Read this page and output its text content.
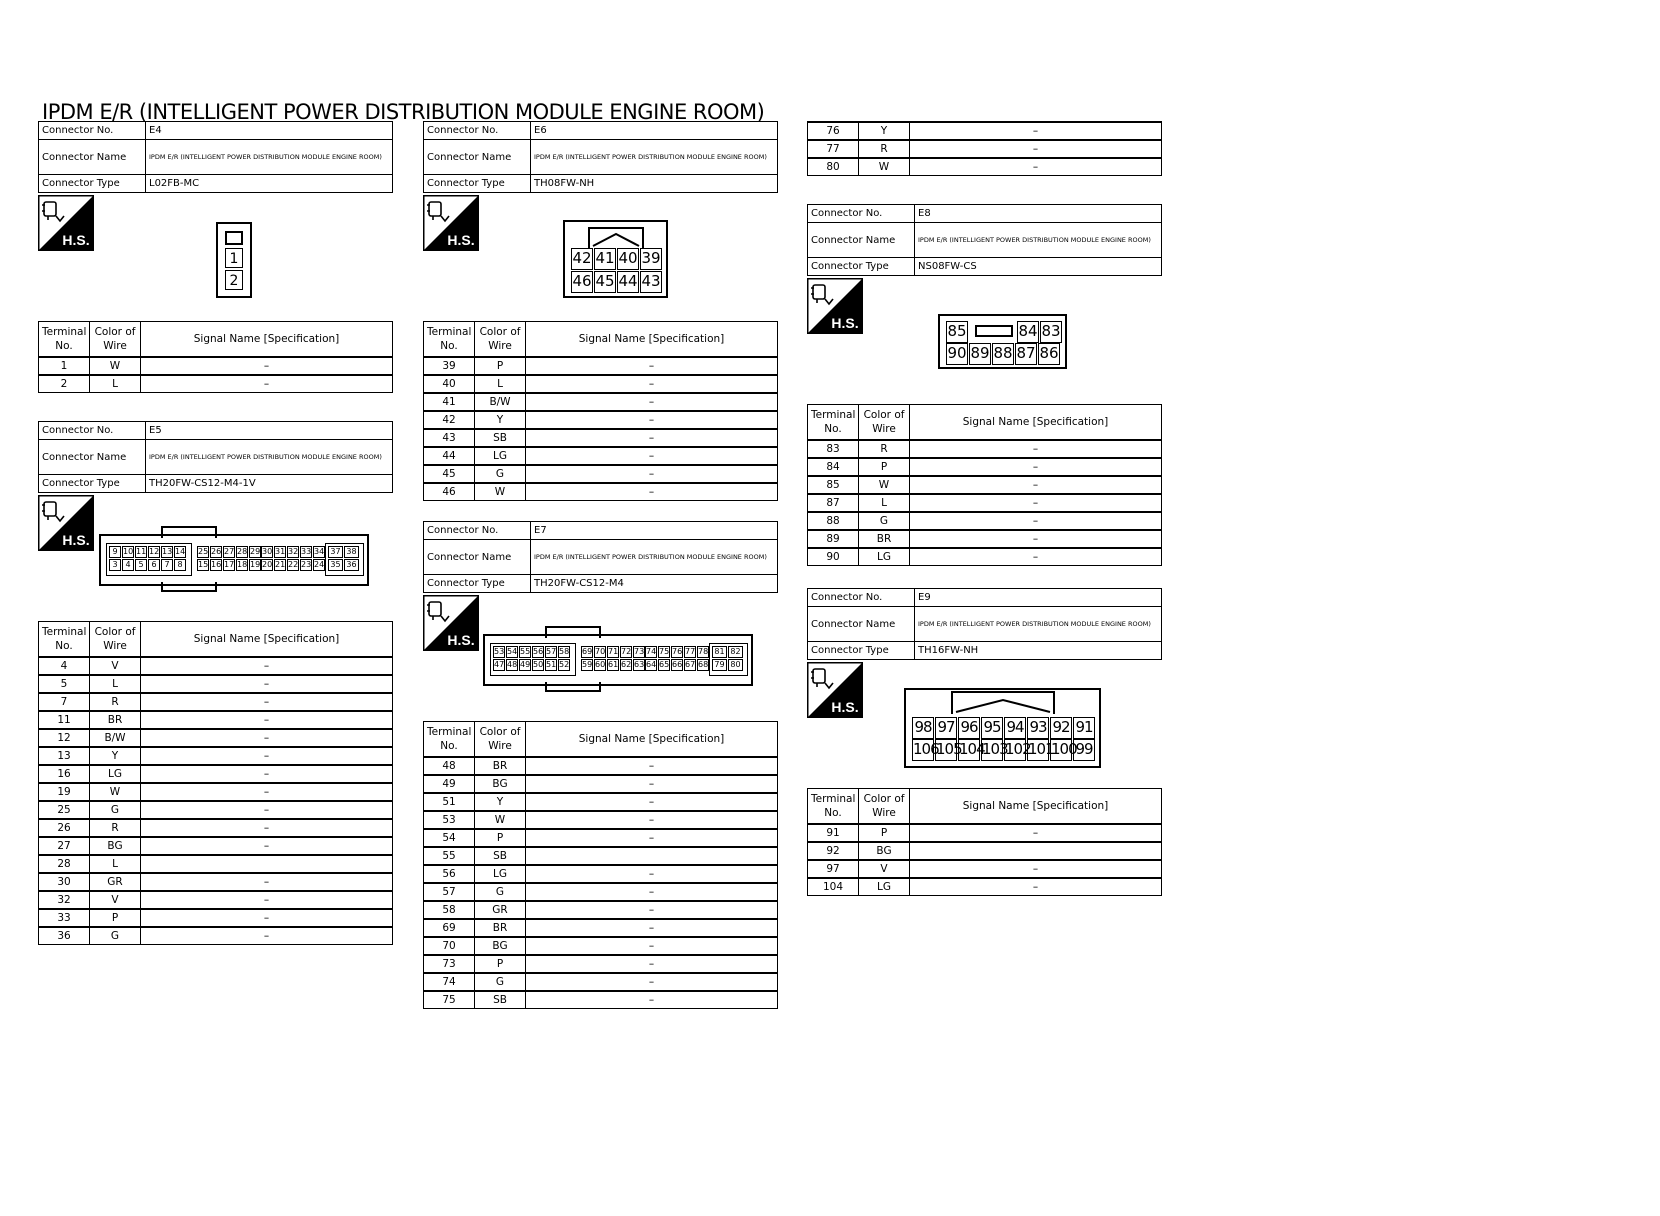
IPDM E/R (INTELLIGENT POWER DISTRIBUTION MODULE ENGINE ROOM)
Connector No.	E4
Connector Name	IPDM E/R (INTELLIGENT POWER DISTRIBUTION MODULE ENGINE ROOM)
Connector Type	L02FB-MC
Connector No.	E5
Connector Name	IPDM E/R (INTELLIGENT POWER DISTRIBUTION MODULE ENGINE ROOM)
Connector Type	TH20FW-CS12-M4-1V
Connector No.	E6
Connector Name	IPDM E/R (INTELLIGENT POWER DISTRIBUTION MODULE ENGINE ROOM)
Connector Type	TH08FW-NH
Connector No.	E7
Connector Name	IPDM E/R (INTELLIGENT POWER DISTRIBUTION MODULE ENGINE ROOM)
Connector Type	TH20FW-CS12-M4
Connector No.	E8
Connector Name	IPDM E/R (INTELLIGENT POWER DISTRIBUTION MODULE ENGINE ROOM)
Connector Type	NS08FW-CS
Connector No.	E9
Connector Name	IPDM E/R (INTELLIGENT POWER DISTRIBUTION MODULE ENGINE ROOM)
Connector Type	TH16FW-NH
Terminal No.	Color of Wire	Signal Name [Specification]
1	W	–
2	L	–
Terminal No.	Color of Wire	Signal Name [Specification]
4	V	–
5	L	–
7	R	–
11	BR	–
12	B/W	–
13	Y	–
16	LG	–
19	W	–
25	G	–
26	R	–
27	BG	–
28	L	
30	GR	–
32	V	–
33	P	–
36	G	–
Terminal No.	Color of Wire	Signal Name [Specification]
39	P	–
40	L	–
41	B/W	–
42	Y	–
43	SB	–
44	LG	–
45	G	–
46	W	–
Terminal No.	Color of Wire	Signal Name [Specification]
48	BR	–
49	BG	–
51	Y	–
53	W	–
54	P	–
55	SB	
56	LG	–
57	G	–
58	GR	–
69	BR	–
70	BG	–
73	P	–
74	G	–
75	SB	–
76	Y	–
77	R	–
80	W	–
Terminal No.	Color of Wire	Signal Name [Specification]
83	R	–
84	P	–
85	W	–
87	L	–
88	G	–
89	BR	–
90	LG	–
Terminal No.	Color of Wire	Signal Name [Specification]
91	P	–
92	BG	
97	V	–
104	LG	–
H.S.
H.S.
H.S.
H.S.
H.S.
H.S.
1
2
42 41 40 39
46 45 44 43
85	84 83
90 89 88 87 86
98 97 96 95 94 93 92 91
106
105
104
103
102
101
100
99
9 10 11 12 13 14 25 26 27 28 29 30 31 32 33 34 37 38
3 4 5 6 7 8	15 16 17 18 19 20 21 22 23 24 35 36
53 54 55 56 57 58 69 70 71 72 73 74 75 76 77 78 81 82
47 48 49 50 51 52 59 60 61 62 63 64 65 66 67 68 79 80
